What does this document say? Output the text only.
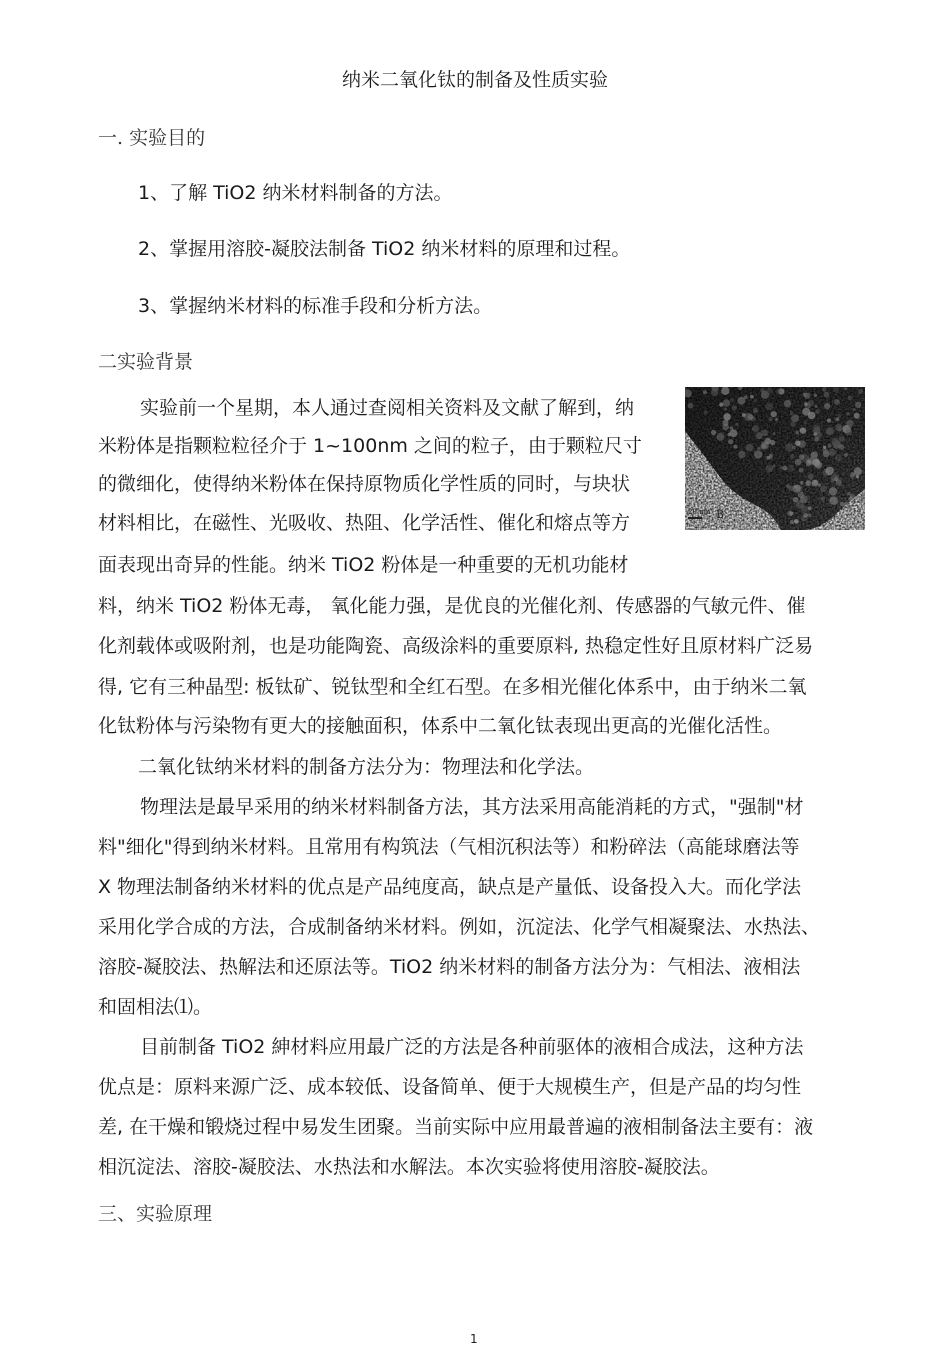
纳米二氧化钛的制备及性质实验
一. 实验目的
1、了解 TiO2 纳米材料制备的方法。
2、掌握用溶胶-凝胶法制备 TiO2 纳米材料的原理和过程。
3、掌握纳米材料的标准手段和分析方法。
二实验背景
20 nm B
实验前一个星期，本人通过查阅相关资料及文献了解到，纳
米粉体是指颗粒粒径介于 1~100nm 之间的粒子，由于颗粒尺寸
的微细化，使得纳米粉体在保持原物质化学性质的同时，与块状
材料相比，在磁性、光吸收、热阻、化学活性、催化和熔点等方
面表现出奇异的性能。纳米 TiO2 粉体是一种重要的无机功能材
料，纳米 TiO2 粉体无毒， 氧化能力强，是优良的光催化剂、传感器的气敏元件、催
化剂载体或吸附剂，也是功能陶瓷、高级涂料的重要原料, 热稳定性好且原材料广泛易
得, 它有三种晶型: 板钛矿、锐钛型和全红石型。在多相光催化体系中，由于纳米二氧
化钛粉体与污染物有更大的接触面积，体系中二氧化钛表现出更高的光催化活性。
二氧化钛纳米材料的制备方法分为：物理法和化学法。
物理法是最早采用的纳米材料制备方法，其方法采用高能消耗的方式，"强制"材
料"细化"得到纳米材料。且常用有构筑法（气相沉积法等）和粉碎法（高能球磨法等
X 物理法制备纳米材料的优点是产品纯度高，缺点是产量低、设备投入大。而化学法
采用化学合成的方法，合成制备纳米材料。例如，沉淀法、化学气相凝聚法、水热法、
溶胶-凝胶法、热解法和还原法等。TiO2 纳米材料的制备方法分为：气相法、液相法
和固相法⑴。
目前制备 TiO2 紳材料应用最广泛的方法是各种前驱体的液相合成法，这种方法
优点是：原料来源广泛、成本较低、设备简单、便于大规模生产，但是产品的均匀性
差, 在干燥和锻烧过程中易发生团聚。当前实际中应用最普遍的液相制备法主要有：液
相沉淀法、溶胶-凝胶法、水热法和水解法。本次实验将使用溶胶-凝胶法。
三、实验原理
1
